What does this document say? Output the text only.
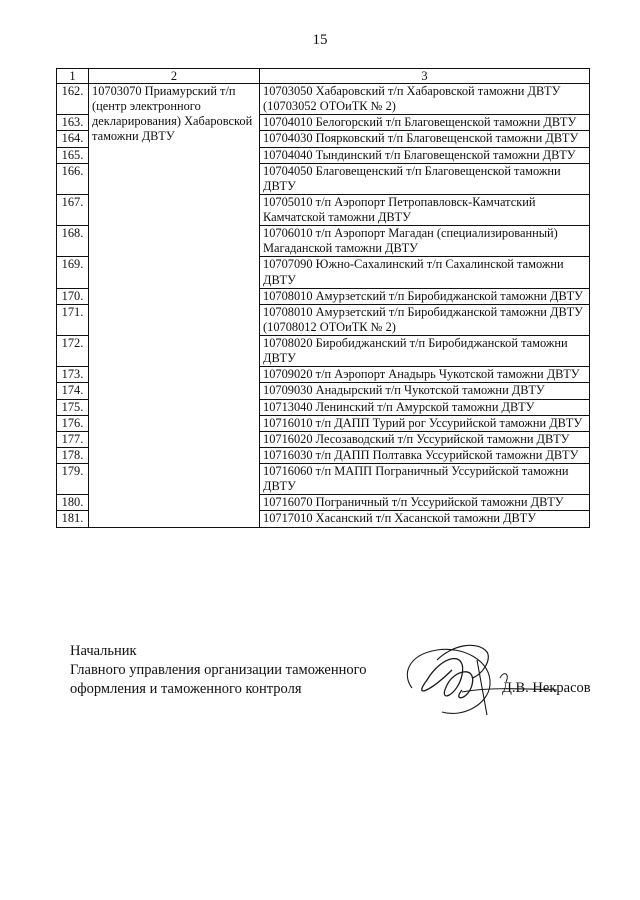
15
1	2	3
162.	10703070 Приамурский т/п (центр электронного декларирования) Хабаровской таможни ДВТУ	10703050 Хабаровский т/п Хабаровской таможни ДВТУ (10703052 ОТОиТК № 2)
163.		10704010 Белогорский т/п Благовещенской таможни ДВТУ
164.		10704030 Поярковский т/п Благовещенской таможни ДВТУ
165.		10704040 Тындинский т/п Благовещенской таможни ДВТУ
166.		10704050 Благовещенский т/п Благовещенской таможни ДВТУ
167.		10705010 т/п Аэропорт Петропавловск-Камчатский Камчатской таможни ДВТУ
168.		10706010 т/п Аэропорт Магадан (специализированный) Магаданской таможни ДВТУ
169.		10707090 Южно-Сахалинский т/п Сахалинской таможни ДВТУ
170.		10708010 Амурзетский т/п Биробиджанской таможни ДВТУ
171.		10708010 Амурзетский т/п Биробиджанской таможни ДВТУ (10708012 ОТОиТК № 2)
172.		10708020 Биробиджанский т/п Биробиджанской таможни ДВТУ
173.		10709020 т/п Аэропорт Анадырь Чукотской таможни ДВТУ
174.		10709030 Анадырский т/п Чукотской таможни ДВТУ
175.		10713040 Ленинский т/п Амурской таможни ДВТУ
176.		10716010 т/п ДАПП Турий рог Уссурийской таможни ДВТУ
177.		10716020 Лесозаводский т/п Уссурийской таможни ДВТУ
178.		10716030 т/п ДАПП Полтавка Уссурийской таможни ДВТУ
179.		10716060 т/п МАПП Пограничный Уссурийской таможни ДВТУ
180.		10716070 Пограничный т/п Уссурийской таможни ДВТУ
181.		10717010 Хасанский т/п Хасанской таможни ДВТУ
Начальник
Главного управления организации таможенного
оформления и таможенного контроля	Д.В. Некрасов
